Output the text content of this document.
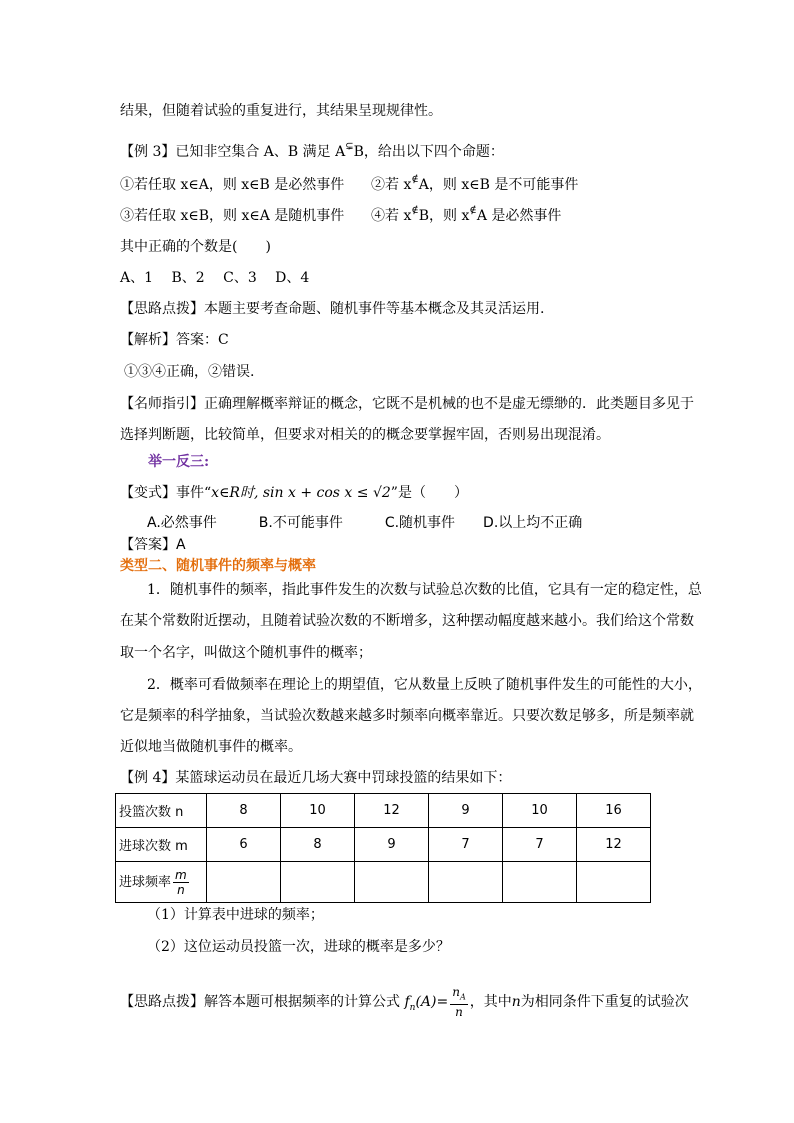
结果，但随着试验的重复进行，其结果呈现规律性。
【例 3】已知非空集合 A、B 满足 A⊊B，给出以下四个命题：
①若任取 x∈A，则 x∈B 是必然事件 ②若 x∉A，则 x∈B 是不可能事件
③若任取 x∈B，则 x∈A 是随机事件 ④若 x∉B，则 x∉A 是必然事件
其中正确的个数是(　　)
A、1　 B、2　 C、3　 D、4
【思路点拨】本题主要考查命题、随机事件等基本概念及其灵活运用.
【解析】答案：C
①③④正确，②错误.
【名师指引】正确理解概率辩证的概念，它既不是机械的也不是虚无缥缈的．此类题目多见于
选择判断题，比较简单，但要求对相关的的概念要掌握牢固，否则易出现混淆。
举一反三:
【变式】事件“x∈R时, sin x + cos x ≤ √2”是（　　）
A.必然事件　　　B.不可能事件　　　C.随机事件　　D.以上均不正确
【答案】A
类型二、随机事件的频率与概率
1．随机事件的频率，指此事件发生的次数与试验总次数的比值，它具有一定的稳定性，总
在某个常数附近摆动，且随着试验次数的不断增多，这种摆动幅度越来越小。我们给这个常数
取一个名字，叫做这个随机事件的概率；
2．概率可看做频率在理论上的期望值，它从数量上反映了随机事件发生的可能性的大小，
它是频率的科学抽象，当试验次数越来越多时频率向概率靠近。只要次数足够多，所是频率就
近似地当做随机事件的概率。
【例 4】某篮球运动员在最近几场大赛中罚球投篮的结果如下：
投篮次数 n	8	10	12	9	10	16
进球次数 m	6	8	9	7	7	12
进球频率 $\frac{m}{n}$

（1）计算表中进球的频率；
（2）这位运动员投篮一次，进球的概率是多少？
【思路点拨】解答本题可根据频率的计算公式 $f_n(A)= \frac{n_A}{n}$ ，其中n为相同条件下重复的试验次
